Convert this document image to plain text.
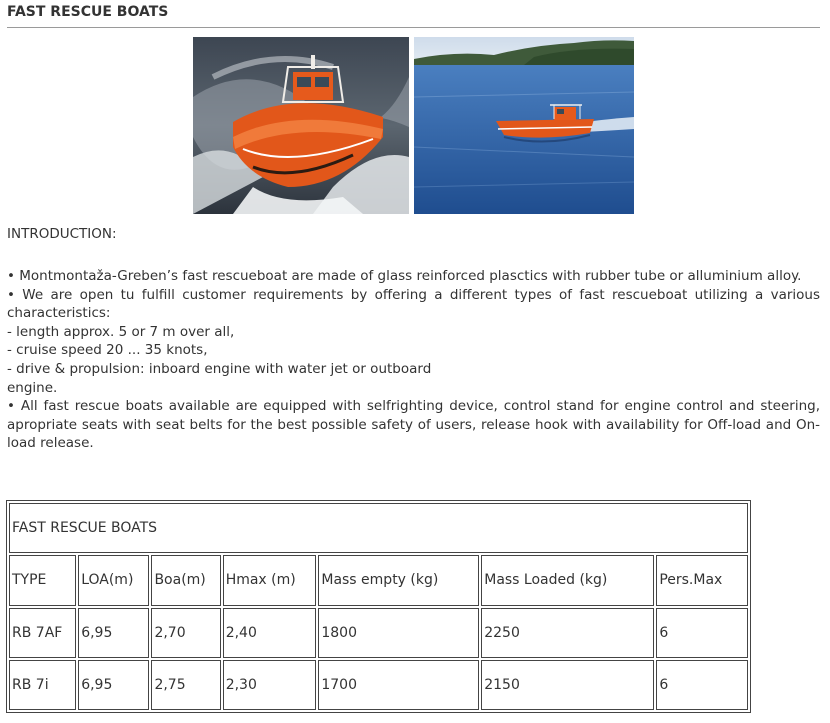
FAST RESCUE BOATS
INTRODUCTION:

• Montmontaža-Greben’s fast rescueboat are made of glass reinforced plasctics with rubber tube or alluminium alloy.

• We are open tu fulfill customer requirements by offering a different types of fast rescueboat utilizing a various characteristics:

- length approx. 5 or 7 m over all,

- cruise speed 20 ... 35 knots,

- drive & propulsion: inboard engine with water jet or outboard

engine.

• All fast rescue boats available are equipped with selfrighting device, control stand for engine control and steering, apropriate seats with seat belts for the best possible safety of users, release hook with availability for Off-load and On-load release.

FAST RESCUE BOATS						
TYPE	LOA(m)	Boa(m)	Hmax (m)	Mass empty (kg)	Mass Loaded (kg)	Pers.Max
RB 7AF	6,95	2,70	2,40	1800	2250	6
RB 7i	6,95	2,75	2,30	1700	2150	6
